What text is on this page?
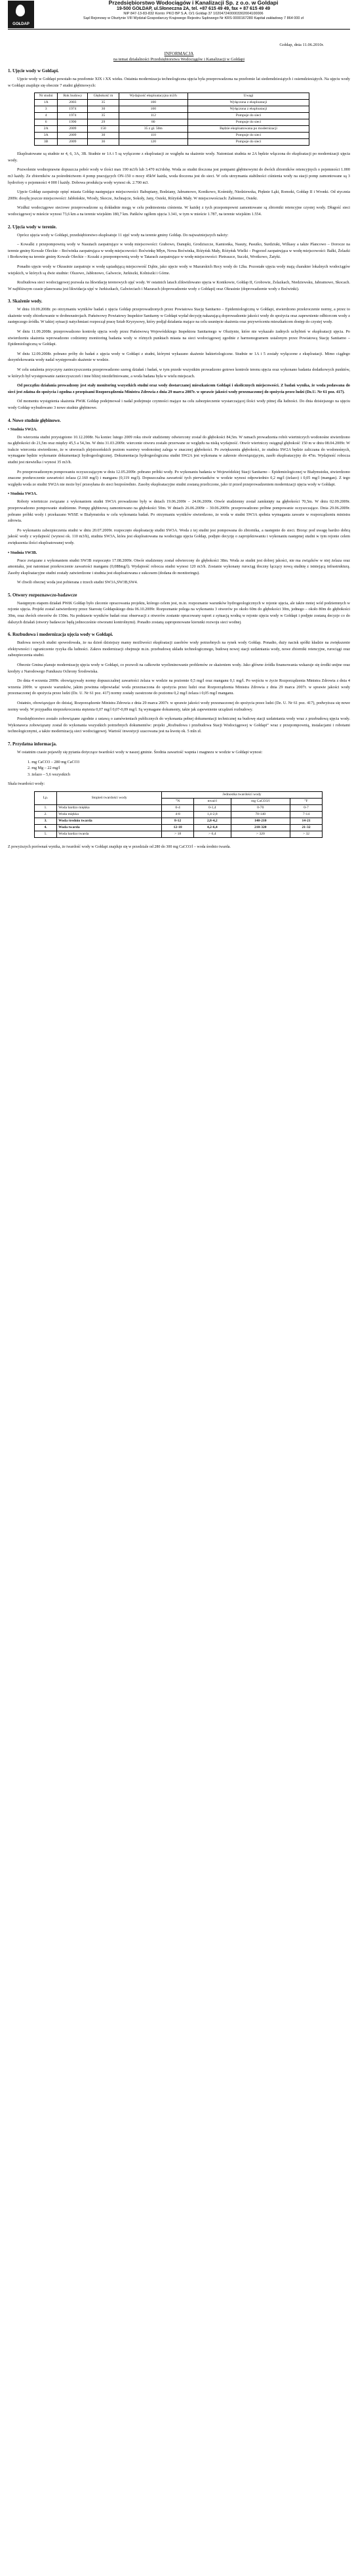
GOŁDAP
Przedsiębiorstwo Wodociągów i Kanalizacji Sp. z o.o. w Goldapi
19-500 GOŁDAP, ul.Słoneczna 2A, tel. +87 615 49 49, fax + 87 615 49 49
NIP 847-13-83-832 Konto: PKO BP S.A. O/1 Goldap 37 1020472400003302004100006
Sąd Rejonowy w Olsztynie VIII Wydział Gospodarczy Krajowego Rejestru Sądowego Nr KRS 0000167280 Kapitał zakładowy 7 864 000 zł
Gołdap, dnia 11.06.2010r.
INFORMACJA
na temat działalności Przedsiębiorstwa Wodociągów i Kanalizacji w Gołdapi
1. Ujęcie wody w Gołdapi.

Ujęcie wody w Gołdapi powstało na przełomie XIX i XX wieku. Ostatnia modernizacja technologiczna ujęcia była przeprowadzona na przełomie lat siedemdziesiątych i osiemdziesiątych. Na ujęciu wody w Gołdapi znajduje się obecnie 7 studni głębinowych:

Nr studni	Rok budowy	Głębokość m	Wydajność eksploatacyjna m3/h	Uwagi
1A	2003	35	100	Wyłączona z eksploatacji
3	1974	30	100	Wyłączona z eksploatacji
4	1974	35	112	Pompuje do sieci
6	1990	29	80	Pompuje do sieci
2A	2009	150	35 z gł. 50m	Będzie eksploatowana po modernizacji
3A	2009	30	110	Pompuje do sieci
3B	2009	36	120	Pompuje do sieci

Eksploatowane są studnie nr 4, 6, 3A, 3B. Studnie nr 1A i 5 są wyłączone z eksploatacji ze względu na skażenie wody. Natomiast studnia nr 2A będzie włączona do eksploatacji po modernizacji ujęcia wody.

Pozwolenie wodnoprawne dopuszcza pobór wody w ilości max 190 m3/h lub 3.470 m3/dobę. Woda ze studni tłoczona jest pompami głębinowymi do dwóch zbiorników retencyjnych o pojemności 1.000 m3 każdy. Ze zbiorników za pośrednictwem 4 pomp pracujących ON-150 o mocy 45kW każda, woda tłoczona jest do sieci. W celu utrzymania stabilności ciśnienia wody na stacji pomp zamontowane są 3 hydrofory o pojemności 4 000 l każdy. Dobowa produkcja wody wynosi ok. 2.700 m3.

Ujęcie Gołdap zaopatruje opięć miasta Gołdap następujące miejscowości: Babupiany, Bodziany, Jabramowo, Konikowo, Kośmidy, Niedziewska, Pięknie Łąki, Romoki, Gołdap II i Wronki. Od stycznia 2009r. dosyłę jeszcze miejscowości: Jabłońskie, Wiosły, Skocze, Juchnajcie, Sokoły, Jany, Osieki, Różyńsk Mały. W miejscowościach: Żabieniec, Osieki.

Wzdłuż wodociągowe sieciowe przeprowadzone są dokładnie mogą w celu podniesienia ciśnienia. W każdej z tych przepompowni zamontowane są zbiorniki retencyjne czystej wody. Długość sieci wodociągowej w mieście wynosi 73,6 km a na terenie wiejskim 180,7 km. Pańków ogółem ujęcia 3.341, w tym w mieście 1.787, na terenie wiejskim 1.554.

2. Ujęcia wody w terenie.

Oprócz ujęcia wody w Gołdapi, przedsiębiorstwo eksploatuje 11 ujęć wody na terenie gminy Gołdap. Do najważniejszych należy:

– Kowalki z przepompownią wody w Nasutach zaopatrujące w wodę miejscowości: Grabowo, Danupki, Grodziszcze, Kamionka, Nasuty, Pasuiko, Surdziuki, Wilkasy a także Plancowo – Dorocze na terenie gminy Kowale Oleckie – Boćwinka zaopatrująca w wodę miejscowości: Boćwinkę Młyn, Nowa Boćwinka, Różyńsk Mały, Różyńsk Wielki – Pogorzel zaopatrująca w wodę miejscowości: Bałki, Żelazki i Borkowinę na terenie gminy Kowale Oleckie – Kozaki z przepompownią wody w Tatarach zaopatrujące w wodę miejscowości: Pietraszce, Suczki, Wrotkowo, Żatyki.

Ponadto ujęcie wody w Okrasinie zaopatruje w wodę sąsiadującą miejscowość Dąbie, jako ujęcie wody w Mazurskich Recy wody do 12ha. Pozostałe ujęcia wody mają charakter lokalnych wodociągów wiejskich, w których są dwie studnie: Olszewo, Jabłonowo, Galwecie, Jurkiszki, Kolniszki i Górne.

Rozbudowa sieci wodociągowej pozwala na likwidację terenowych ujęć wody. W ostatnich latach zlikwidowano ujęcia w Konikowie, Gołdap II, Grobowie, Żelazkach, Niedziewsku, Jabramowo, Skocach. W najbliższym czasie planowana jest likwidacja ujęć w Jurkiszkach, Galwieciach i Mazurach (doprowadzenie wody z Gołdapi) oraz Okrasinie (doprowadzenie wody z Boćwinki).

3. Skażenie wody.

W dniu 10.09.2008r. po otrzymaniu wyników badań z ujęcia Gołdap przeprowadzonych przez Powiatowa Stację Sanitarno – Epidemiologiczną w Gołdapi, stwierdzono przekroczenie normy, a przez to skażenie wody zbiorkowanie w drobnoustrojach. Państwowy Powiatowy Inspektor Sanitarny w Gołdapi wydał decyzję nakazującą doprowadzenie jakości wody do spożycia oraz zapewnienie odbiorcom wody z zastępczego źródła. W takiej sytuacji natychmiast rozpoczął pracę Sztab Kryzysowy, który podjął działania mające na celu usunięcie skażenia oraz przywróceniu mieszkańcom dostęp do czystej wody.

W dniu 11.09.2008r. przeprowadzono kontrolę ujęcia wody przez Państwową Wojewódzkiego Inspektora Sanitarnego w Olsztynie, które nie wykazało żadnych uchybień w eksploatacji ujęcia. Po stwierdzeniu skażenia wprowadzono codzienny monitoring badania wody w różnych punktach miasta na sieci wodociągowej zgodnie z harmonogramem ustalonym przez Powiatową Stację Sanitarno – Epidemiologiczną w Gołdapi.

W dniu 12.09.2008r. pobrano próby do badań z ujęcia wody w Gołdapi z studni, którymi wykazano skażenie bakteriologiczne. Studnie nr 1A i 5 zostały wyłączone z eksploatacji. Mimo ciągłego dezynfekowania wody nadal występowało skażenie w wodzie.

W celu ustalenia przyczyny zanieczyszczenia przeprowadzono szereg działań i badań, w tym przede wszystkim prowadzono gotowe kontrole terenu ujęcia oraz wykonano badania dodatkowych punktów, w których był występowanie zanieczyszczeń i inne bliżej niezdefiniowane, a woda badana była w wielu miejscach.

Od początku działania prowadzony jest stały monitoring wszystkich studni oraz wody dostarczanej mieszkańcom Gołdapi i okolicznych miejscowości. Z badań wynika, że woda podawana do sieci jest zdatna do spożycia i zgodna z przepisami Rozporządzenia Ministra Zdrowia z dnia 29 marca 2007r. w sprawie jakości wody przeznaczonej do spożycia przez ludzi (Dz.U. Nr 61 poz. 417).

Od momentu wystąpienia skażenia PWiK Gołdap podejmował i nadal podejmuje czynności mające na celu zabezpieczenie wystarczającej ilości wody pitnej dla ludności. Do dnia dzisiejszego na ujęciu wody Gołdap wybudowano 3 nowe studnie głębinowe.

4. Nowe studnie głębinowe.
• Studnia SW2A.

Do wiercenia studni przystąpiono 10.12.2008r. Na koniec lutego 2009 roku otwór studzienny odwiercony został do głębokości 84,5m. W ramach prowadzenia robót wiertniczych wodonośne stwierdzono na głębokości do 21,5m oraz między 45,5 a 54,3m. W dniu 31.03.2009r. wiercenie otworu zostało przerwane ze względu na niską wydajność. Otwór wiertniczy osiągnął głębokość 150 m w dniu 08.04.2009r. W trakcie wiercenia stwierdzono, że w utworach plejstoceńskich poziom warstwy wodonośnej zalega w znacznej głębokości. Po zwiększeniu głębokości, że studnia SW2A będzie zaliczana do wodonośnych, wymagane będzie wykonanie dokumentacji hydrogeologicznej. Dokumentacja hydrogeologiczna studni SW2A jest wykonana w zakresie obowiązującym, zasób eksploatacyjny do 47m. Wydajność robocza studni jest niewielka i wynosi 35 m3/h.

Po przeprowadzonym pompowaniu oczyszczającym w dniu 12.05.2009r. pobrano próbki wody. Po wykonaniu badania w Wojewódzkiej Stacji Sanitarno – Epidemiologicznej w Białymstoku, stwierdzono znaczne przekroczenie zawartości żelaza (2.160 mg/l) i manganu (0,119 mg/l). Dopuszczalna zawartość tych pierwiastków w wodzie wynosi odpowiednio 0,2 mg/l (żelazo) i 0,05 mg/l (mangan). Z tego względu woda ze studni SW2A nie może być przesyłana do sieci bezpośrednio. Zasoby eksploatacyjne studni zostaną przeliczone, jako iż przed przeprowadzeniem modernizacji ujęcia wody w Gołdapi.

• Studnia SW3A.

Roboty wiertnicze związane z wykonaniem studni SW3A prowadzone były w dniach 19.06.2009r – 24.06.2009r. Otwór studzienny został zamknięty na głębokości 70,5m. W dniu 02.09.2009r. przeprowadzono pompowanie studzienne. Pompę głębinową zamontowano na głębokości 50m. W dniach 26.06.2009r – 30.06.2009r. przeprowadzono próbne pompowanie oczyszczające. Dnia 29.06.2009r. pobrano próbki wody i przekazano WSSE w Białymstoku w celu wykonania badań. Po otrzymaniu wyników stwierdzono, że woda w studni SW3A spełnia wymagania zawarte w rozporządzeniu ministra zdrowia.

Po wykonaniu zabezpieczenia studni w dniu 20.07.2009r. rozpoczęto eksploatację studni SW3A. Woda z tej studni jest pompowana do zbiornika, a następnie do sieci. Biorąc pod uwagę bardzo dobrą jakość wody z wydajność (wynosi ok. 110 m3/h), studnia SW3A, która jest eksploatowana na wodociągu ujęcia Gołdap, podjęto decyzję o zaprojektowaniu i wykonaniu następnej studni w tym rejonie celem zwiększenia ilości eksploatowanej wody.

• Studnia SW3B.

Prace związane z wykonaniem studni SW3B rozpoczęto 17.08.2009r. Otwór studzienny został odwiercony do głębokości 38m. Woda ze studni jest dobrej jakości, nie ma związków w niej żelaza oraz amoniaku, jest natomiast przekroczenie zawartości manganu (0,088mg/l). Wydajność robocza studni wynosi 120 m3/h. Zostanie wykonany rurociąg tłoczny łączący nową studnię z istniejącą infrastrukturą. Zasoby eksploatacyjne studni zostały zatwierdzone i studnia jest eksploatowana z sukcesem (dodana do monitoringu).

W chwili obecnej woda jest pobierana z trzech studni SW3A,SW3B,SW4.

5. Otwory rozpoznawczo-badawcze

Następnym etapem działań PWiK Gołdap było zlecenie opracowania projektu, którego celem jest, m.in. rozpoznanie warunków hydrogeologicznych w rejonie ujęcia, ale także mniej wód podziemnych w rejonie ujęcia. Projekt został zatwierdzony przez Starostę Gołdapskiego dnia 06.10.2009r. Rozpoznanie polega na wykonaniu 3 otworów po około 60m do głębokości 30m, jednego – około 80m do głębokości 30m, oraz dwóch otworów do 150m. Na podstawie wyników badań oraz obserwacji z otworów zostanie opracowany raport z sytuacją wodną w rejonie ujęcia wody w Gołdapi i podjęte zostaną decyzje co do dalszych działań (otwory badawcze będą jednocześnie otworami kontrolnymi). Ponadto zostaną zaproponowane kierunki rozwoju sieci wodnej.

6. Rozbudowa i modernizacja ujęcia wody w Gołdapi.

Budowa nowych studni spowodowała, że na dzień dzisiejszy mamy możliwości eksploatacji zasobów wody potrzebnych na rynek wody Gołdap. Ponadto, duży nacisk spółki kładzie na zwiększenie efektywności i ograniczenie ryzyka dla ludności. Zakres modernizacji obejmuje m.in. przebudowę układu technologicznego, budowę nowej stacji uzdatniania wody, nowe zbiorniki retencyjne, rurociągi oraz zabezpieczenia studni.

Obecnie Gmina planuje modernizację ujęcia wody w Gołdapi, co pozwoli na całkowite wyeliminowanie problemów ze skażeniem wody. Jako główne źródła finansowania wskazuje się środki unijne oraz kredyty z Narodowego Funduszu Ochrony Środowiska.

Do dnia 4 wrzenia 2009r. obowiązywały normy dopuszczalnej zawartości żelaza w wodzie na poziomie 0,5 mg/l oraz manganu 0,1 mg/l. Po wejściu w życie Rozporządzenia Ministra Zdrowia z dnia 4 wrzenia 2009r. w sprawie warunków, jakim powinna odpowiadać woda przeznaczona do spożycia przez ludzi oraz Rozporządzenia Ministra Zdrowia z dnia 29 marca 2007r. w sprawie jakości wody przeznaczonej do spożycia przez ludzi (Dz. U. Nr 61 poz. 417) normy zostały zaostrzone do poziomu 0,2 mg/l żelaza i 0,05 mg/l manganu.

Ostatnio, obowiązujące do dzisiaj, Rozporządzenie Ministra Zdrowia z dnia 29 marca 2007r. w sprawie jakości wody przeznaczonej do spożycia przez ludzi (Dz. U. Nr 61 poz. 417), podwyższa się nowe normy wody. W przypadku nieprzekroczenia stężenia 0,07 mg/l 0,07-0,09 mg/l. Są wymagane dokumenty, takie jak zapewnienie urządzeń rozbudowy.

Przedsiębiorstwo zostało zobowiązane zgodnie z ustawą o zamówieniach publicznych do wykonania pełnej dokumentacji technicznej na budowę stacji uzdatniania wody wraz z przebudową ujęcia wody. Wykonawca zobowiązany został do wykonania wszystkich potrzebnych dokumentów: projekt „Rozbudowa i przebudowa Stacji Wodociągowej w Gołdapi” wraz z przepompownią, instalacjami i robotami technologicznymi, a także modernizacją sieci wodociągowej. Wartość inwestycji szacowana jest na kwotę ok. 5 mln zł.

7. Przydatna informacja.

W ostatnim czasie pojawiły się pytania dotyczące twardości wody w naszej gminie. Średnia zawartość wapnia i magnezu w wodzie w Gołdapi wynosi:

1. mg CaCO3 – 280 mg CaCO3
2. mg Mg – 22 mg/l
3. żelazo – 5,6 wszystkich

Skala twardości wody:

Lp.	Stopień twardości wody	Jednostka twardości wody			
		°N	mval/l	mg CaCO3/l	°F
1.	Woda bardzo miękka	0-4	0-1,4	0-70	0-7
2.	Woda miękka	4-8	1,4-2,8	70-140	7-14
3.	Woda średnio twarda	8-12	2,8-4,2	140-210	14-21
4.	Woda twarda	12-18	4,2-6,4	210-320	21-32
5.	Woda bardzo twarda	> 18	> 6,4	> 320	> 32
Z powyższych porównań wynika, że twardość wody w Gołdapi znajduje się w przedziale od 280 do 300 mg CaCO3/l – woda średnio twarda.
